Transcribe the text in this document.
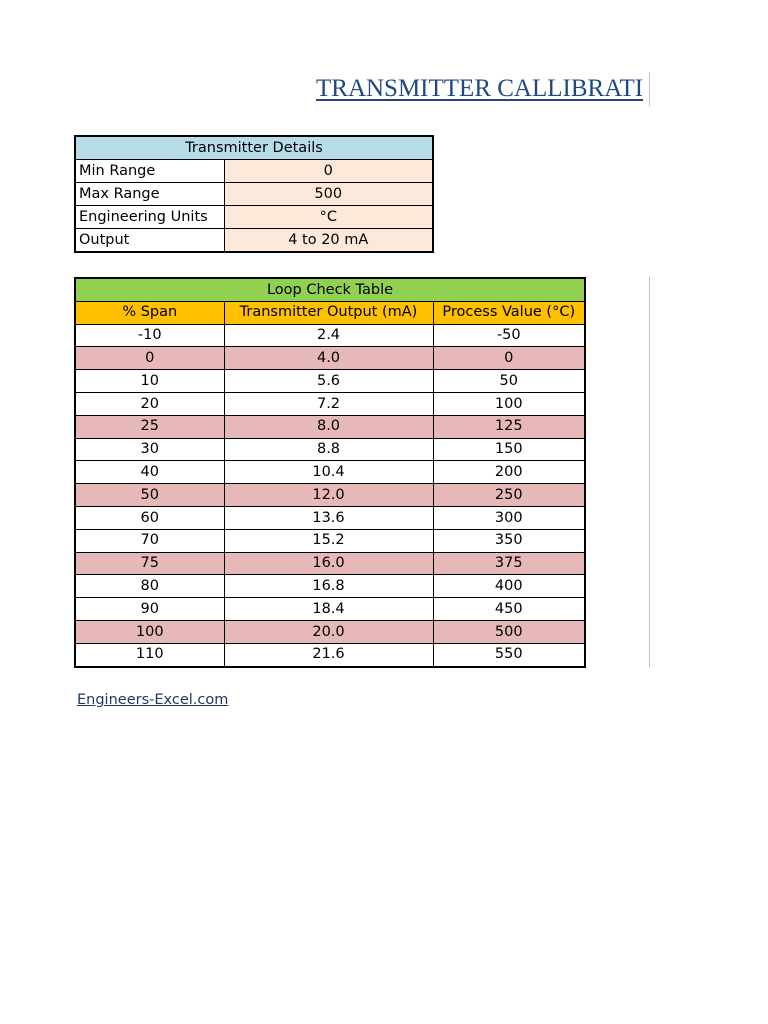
TRANSMITTER CALLIBRATI
Transmitter Details	
Min Range	0
Max Range	500
Engineering Units	°C
Output	4 to 20 mA
Loop Check Table		
% Span	Transmitter Output (mA)	Process Value (°C)
-10	2.4	-50
0	4.0	0
10	5.6	50
20	7.2	100
25	8.0	125
30	8.8	150
40	10.4	200
50	12.0	250
60	13.6	300
70	15.2	350
75	16.0	375
80	16.8	400
90	18.4	450
100	20.0	500
110	21.6	550
Engineers-Excel.com
